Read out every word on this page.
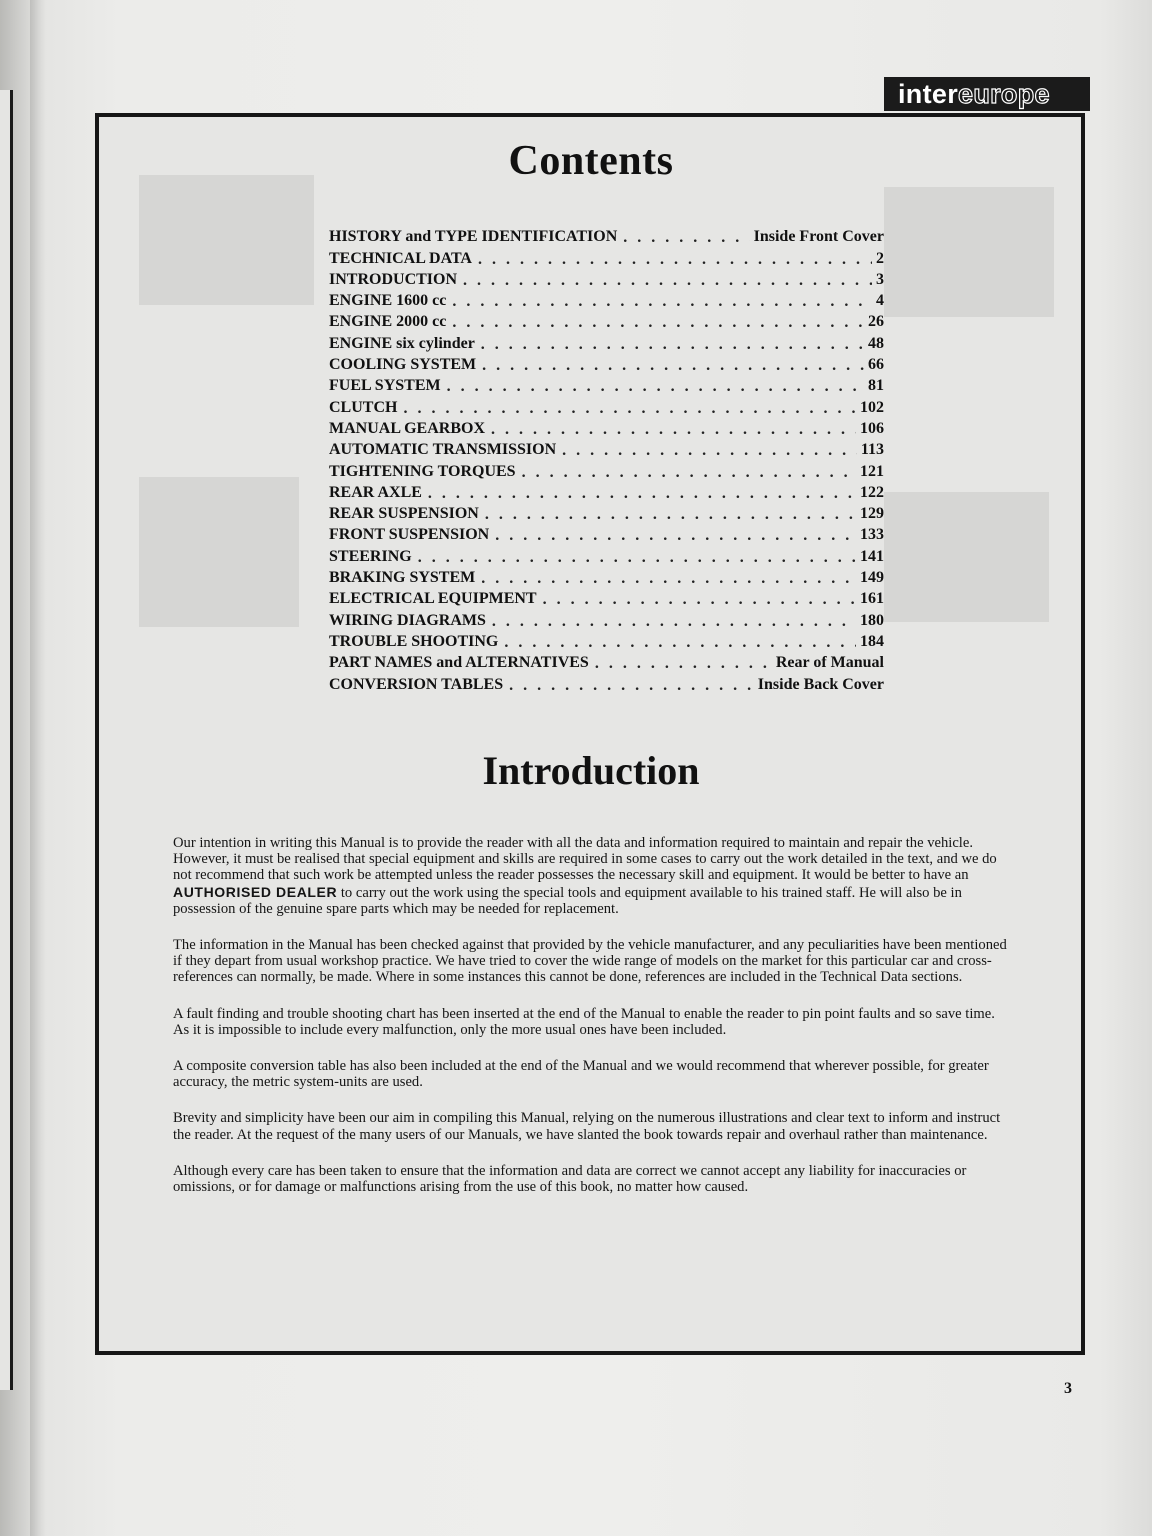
inter europe
Contents
HISTORY and TYPE IDENTIFICATION . . .	Inside Front Cover
TECHNICAL DATA . . .	2
INTRODUCTION . . .	3
ENGINE 1600 cc . . .	4
ENGINE 2000 cc . . .	26
ENGINE six cylinder . . .	48
COOLING SYSTEM . . .	66
FUEL SYSTEM . . .	81
CLUTCH . . .	102
MANUAL GEARBOX . . .	106
AUTOMATIC TRANSMISSION . . .	113
TIGHTENING TORQUES . . .	121
REAR AXLE . . .	122
REAR SUSPENSION . . .	129
FRONT SUSPENSION . . .	133
STEERING . . .	141
BRAKING SYSTEM . . .	149
ELECTRICAL EQUIPMENT . . .	161
WIRING DIAGRAMS . . .	180
TROUBLE SHOOTING . . .	184
PART NAMES and ALTERNATIVES . . .	Rear of Manual
CONVERSION TABLES . . .	Inside Back Cover
Introduction

Our intention in writing this Manual is to provide the reader with all the data and information required to maintain and repair the vehicle. However, it must be realised that special equipment and skills are required in some cases to carry out the work detailed in the text, and we do not recommend that such work be attempted unless the reader possesses the necessary skill and equipment. It would be better to have an AUTHORISED DEALER to carry out the work using the special tools and equipment available to his trained staff. He will also be in possession of the genuine spare parts which may be needed for replacement.

The information in the Manual has been checked against that provided by the vehicle manufacturer, and any peculiarities have been mentioned if they depart from usual workshop practice. We have tried to cover the wide range of models on the market for this particular car and cross-references can normally, be made. Where in some instances this cannot be done, references are included in the Technical Data sections.

A fault finding and trouble shooting chart has been inserted at the end of the Manual to enable the reader to pin point faults and so save time. As it is impossible to include every malfunction, only the more usual ones have been included.

A composite conversion table has also been included at the end of the Manual and we would recommend that wherever possible, for greater accuracy, the metric system-units are used.

Brevity and simplicity have been our aim in compiling this Manual, relying on the numerous illustrations and clear text to inform and instruct the reader. At the request of the many users of our Manuals, we have slanted the book towards repair and overhaul rather than maintenance.

Although every care has been taken to ensure that the information and data are correct we cannot accept any liability for inaccuracies or omissions, or for damage or malfunctions arising from the use of this book, no matter how caused.

3
